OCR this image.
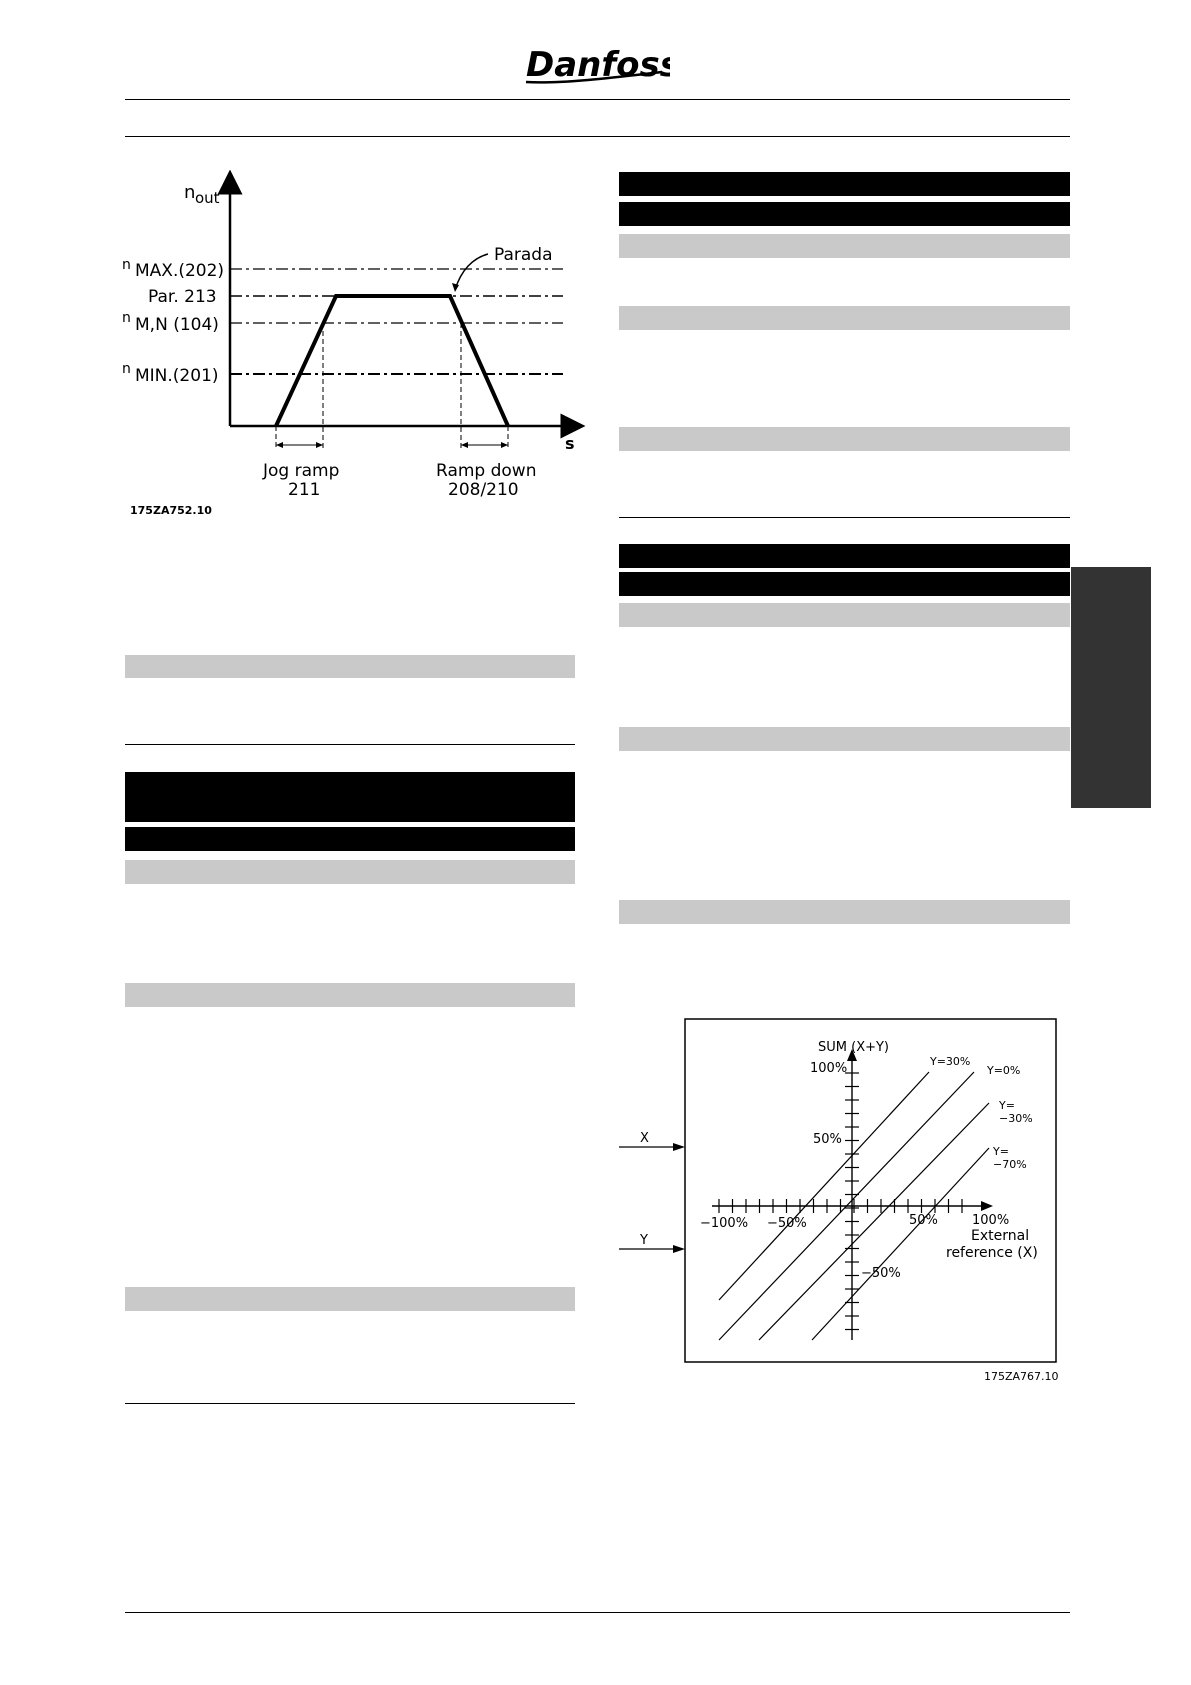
Danfoss
Parada
n out
s
n MAX.(202)
Par. 213
n M,N (104)
n MIN.(201)
Jog ramp
211
Ramp down
208/210
175ZA752.10
X
Y
SUM (X+Y)
External
reference (X)
100%
50%
−50%
−100% −50%	50%	100%
Y=30%
Y=0%
Y= −30%
Y= −70%
175ZA767.10
